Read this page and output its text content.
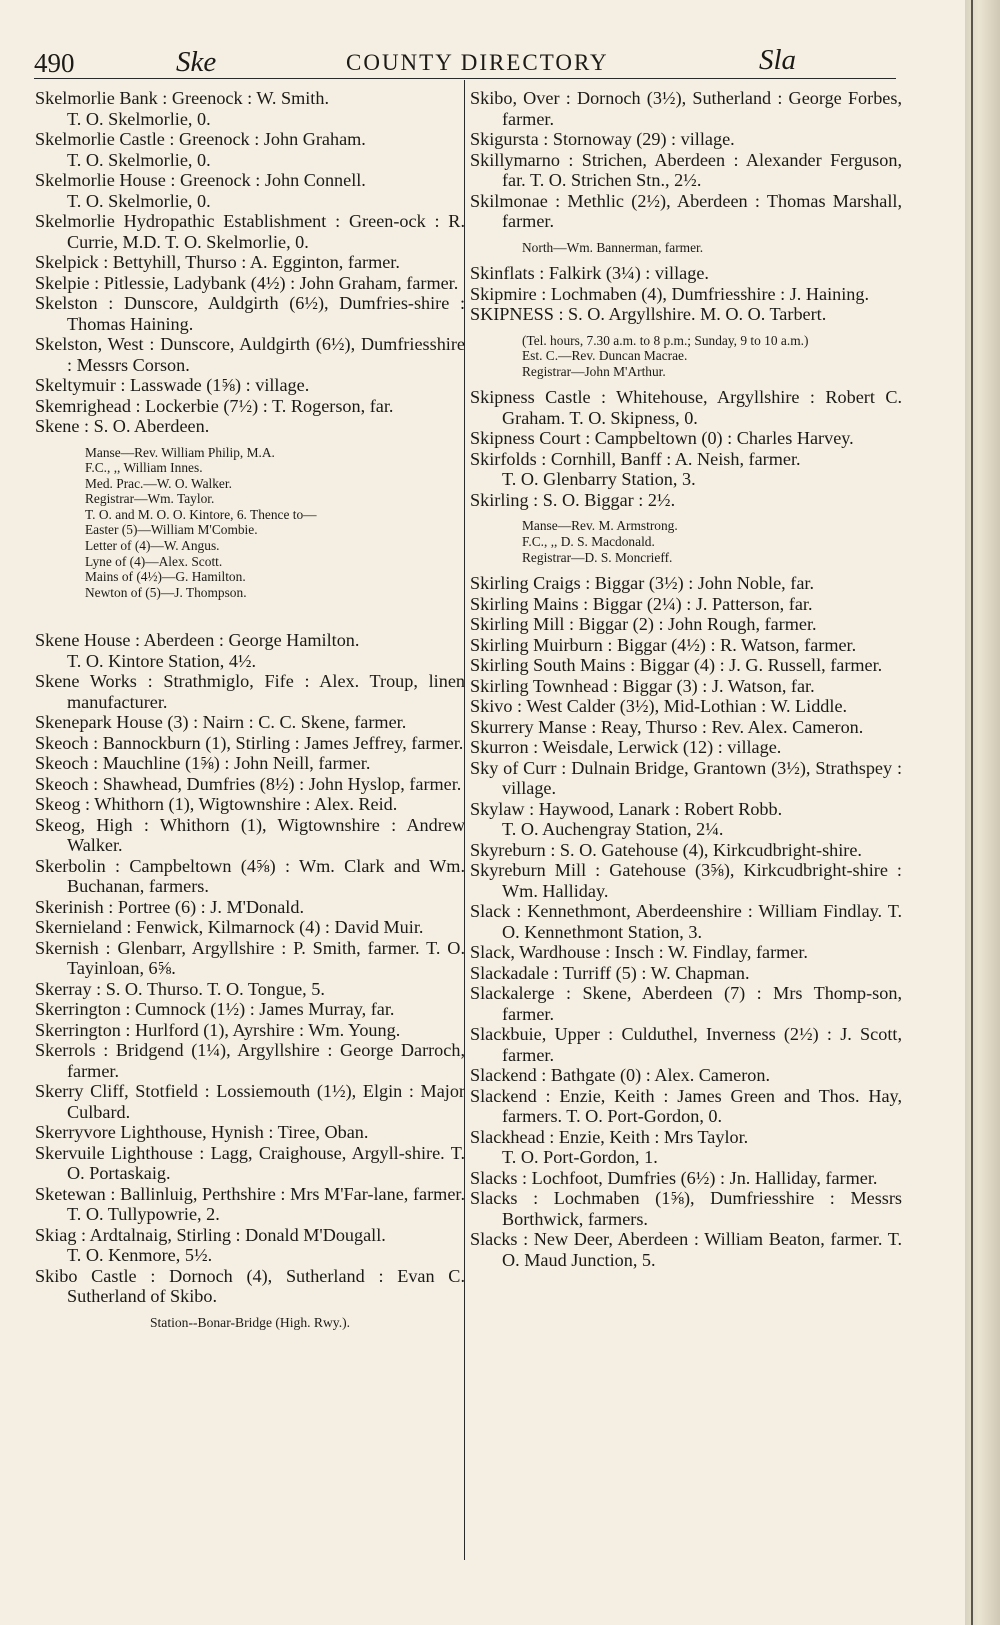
490	Ske	COUNTY DIRECTORY	Sla

Skelmorlie Bank : Greenock : W. Smith.

T. O. Skelmorlie, 0.

Skelmorlie Castle : Greenock : John Graham.

T. O. Skelmorlie, 0.

Skelmorlie House : Greenock : John Connell.

T. O. Skelmorlie, 0.

Skelmorlie Hydropathic Establishment : Green-ock : R. Currie, M.D. T. O. Skelmorlie, 0.

Skelpick : Bettyhill, Thurso : A. Egginton, farmer.

Skelpie : Pitlessie, Ladybank (4½) : John Graham, farmer.

Skelston : Dunscore, Auldgirth (6½), Dumfries-shire : Thomas Haining.

Skelston, West : Dunscore, Auldgirth (6½), Dumfriesshire : Messrs Corson.

Skeltymuir : Lasswade (1⅝) : village.

Skemrighead : Lockerbie (7½) : T. Rogerson, far.

Skene : S. O. Aberdeen.

Manse—Rev. William Philip, M.A.
F.C., ,, William Innes.
Med. Prac.—W. O. Walker.
Registrar—Wm. Taylor.
T. O. and M. O. O. Kintore, 6. Thence to—
Easter (5)—William M'Combie.
Letter of (4)—W. Angus.
Lyne of (4)—Alex. Scott.
Mains of (4½)—G. Hamilton.
Newton of (5)—J. Thompson.

Skene House : Aberdeen : George Hamilton.

T. O. Kintore Station, 4½.

Skene Works : Strathmiglo, Fife : Alex. Troup, linen manufacturer.

Skenepark House (3) : Nairn : C. C. Skene, farmer.

Skeoch : Bannockburn (1), Stirling : James Jeffrey, farmer.

Skeoch : Mauchline (1⅝) : John Neill, farmer.

Skeoch : Shawhead, Dumfries (8½) : John Hyslop, farmer.

Skeog : Whithorn (1), Wigtownshire : Alex. Reid.

Skeog, High : Whithorn (1), Wigtownshire : Andrew Walker.

Skerbolin : Campbeltown (4⅝) : Wm. Clark and Wm. Buchanan, farmers.

Skerinish : Portree (6) : J. M'Donald.

Skernieland : Fenwick, Kilmarnock (4) : David Muir.

Skernish : Glenbarr, Argyllshire : P. Smith, farmer. T. O. Tayinloan, 6⅝.

Skerray : S. O. Thurso. T. O. Tongue, 5.

Skerrington : Cumnock (1½) : James Murray, far.

Skerrington : Hurlford (1), Ayrshire : Wm. Young.

Skerrols : Bridgend (1¼), Argyllshire : George Darroch, farmer.

Skerry Cliff, Stotfield : Lossiemouth (1½), Elgin : Major Culbard.

Skerryvore Lighthouse, Hynish : Tiree, Oban.

Skervuile Lighthouse : Lagg, Craighouse, Argyll-shire. T. O. Portaskaig.

Sketewan : Ballinluig, Perthshire : Mrs M'Far-lane, farmer. T. O. Tullypowrie, 2.

Skiag : Ardtalnaig, Stirling : Donald M'Dougall.

T. O. Kenmore, 5½.

Skibo Castle : Dornoch (4), Sutherland : Evan C. Sutherland of Skibo.

Station--Bonar-Bridge (High. Rwy.).

Skibo, Over : Dornoch (3½), Sutherland : George Forbes, farmer.

Skigursta : Stornoway (29) : village.

Skillymarno : Strichen, Aberdeen : Alexander Ferguson, far. T. O. Strichen Stn., 2½.

Skilmonae : Methlic (2½), Aberdeen : Thomas Marshall, farmer.

North—Wm. Bannerman, farmer.

Skinflats : Falkirk (3¼) : village.

Skipmire : Lochmaben (4), Dumfriesshire : J. Haining.

SKIPNESS : S. O. Argyllshire. M. O. O. Tarbert.

(Tel. hours, 7.30 a.m. to 8 p.m.; Sunday, 9 to 10 a.m.)
Est. C.—Rev. Duncan Macrae.
Registrar—John M'Arthur.

Skipness Castle : Whitehouse, Argyllshire : Robert C. Graham. T. O. Skipness, 0.

Skipness Court : Campbeltown (0) : Charles Harvey.

Skirfolds : Cornhill, Banff : A. Neish, farmer.

T. O. Glenbarry Station, 3.

Skirling : S. O. Biggar : 2½.

Manse—Rev. M. Armstrong.
F.C., ,, D. S. Macdonald.
Registrar—D. S. Moncrieff.

Skirling Craigs : Biggar (3½) : John Noble, far.

Skirling Mains : Biggar (2¼) : J. Patterson, far.

Skirling Mill : Biggar (2) : John Rough, farmer.

Skirling Muirburn : Biggar (4½) : R. Watson, farmer.

Skirling South Mains : Biggar (4) : J. G. Russell, farmer.

Skirling Townhead : Biggar (3) : J. Watson, far.

Skivo : West Calder (3½), Mid-Lothian : W. Liddle.

Skurrery Manse : Reay, Thurso : Rev. Alex. Cameron.

Skurron : Weisdale, Lerwick (12) : village.

Sky of Curr : Dulnain Bridge, Grantown (3½), Strathspey : village.

Skylaw : Haywood, Lanark : Robert Robb.

T. O. Auchengray Station, 2¼.

Skyreburn : S. O. Gatehouse (4), Kirkcudbright-shire.

Skyreburn Mill : Gatehouse (3⅝), Kirkcudbright-shire : Wm. Halliday.

Slack : Kennethmont, Aberdeenshire : William Findlay. T. O. Kennethmont Station, 3.

Slack, Wardhouse : Insch : W. Findlay, farmer.

Slackadale : Turriff (5) : W. Chapman.

Slackalerge : Skene, Aberdeen (7) : Mrs Thomp-son, farmer.

Slackbuie, Upper : Culduthel, Inverness (2½) : J. Scott, farmer.

Slackend : Bathgate (0) : Alex. Cameron.

Slackend : Enzie, Keith : James Green and Thos. Hay, farmers. T. O. Port-Gordon, 0.

Slackhead : Enzie, Keith : Mrs Taylor.

T. O. Port-Gordon, 1.

Slacks : Lochfoot, Dumfries (6½) : Jn. Halliday, farmer.

Slacks : Lochmaben (1⅝), Dumfriesshire : Messrs Borthwick, farmers.

Slacks : New Deer, Aberdeen : William Beaton, farmer. T. O. Maud Junction, 5.
